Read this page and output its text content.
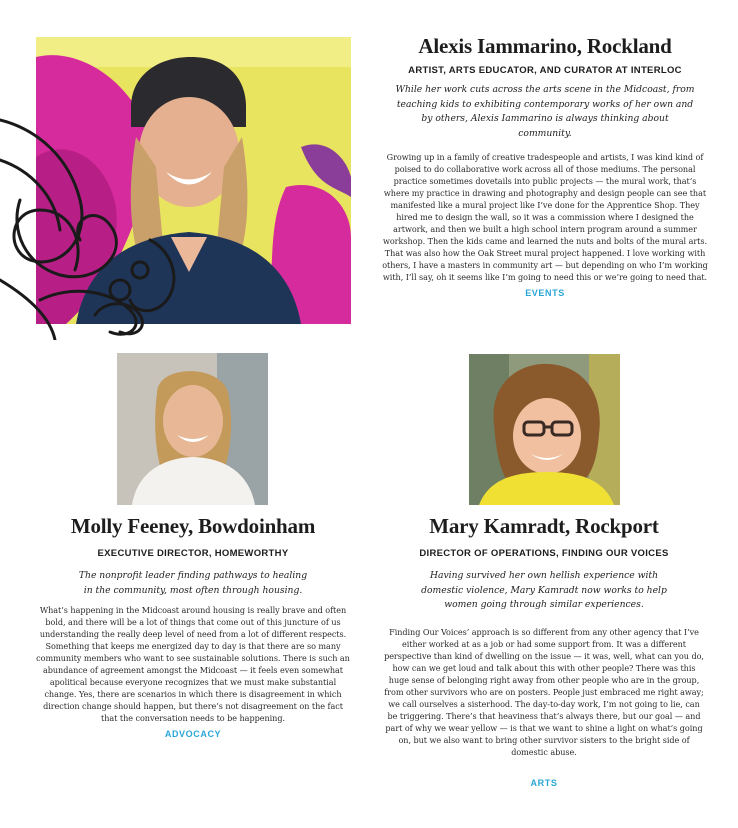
Alexis Iammarino, Rockland

ARTIST, ARTS EDUCATOR, AND CURATOR AT INTERLOC

While her work cuts across the arts scene in the Midcoast, from teaching kids to exhibiting contemporary works of her own and by others, Alexis Iammarino is always thinking about community.

Growing up in a family of creative tradespeople and artists, I was kind kind of poised to do collaborative work across all of those mediums. The personal practice sometimes dovetails into public projects — the mural work, that’s where my practice in drawing and photography and design people can see that manifested like a mural project like I’ve done for the Apprentice Shop. They hired me to design the wall, so it was a commission where I designed the artwork, and then we built a high school intern program around a summer workshop. Then the kids came and learned the nuts and bolts of the mural arts. That was also how the Oak Street mural project happened. I love working with others, I have a masters in community art — but depending on who I’m working with, I’ll say, oh it seems like I’m going to need this or we’re going to need that.

EVENTS

Molly Feeney, Bowdoinham

EXECUTIVE DIRECTOR, HOMEWORTHY

The nonprofit leader finding pathways to healing in the community, most often through housing.

What’s happening in the Midcoast around housing is really brave and often bold, and there will be a lot of things that come out of this juncture of us understanding the really deep level of need from a lot of different respects. Something that keeps me energized day to day is that there are so many community members who want to see sustainable solutions. There is such an abundance of agreement amongst the Midcoast — it feels even somewhat apolitical because everyone recognizes that we must make substantial change. Yes, there are scenarios in which there is disagreement in which direction change should happen, but there’s not disagreement on the fact that the conversation needs to be happening.

ADVOCACY

Mary Kamradt, Rockport

DIRECTOR OF OPERATIONS, FINDING OUR VOICES

Having survived her own hellish experience with domestic violence, Mary Kamradt now works to help women going through similar experiences.

Finding Our Voices’ approach is so different from any other agency that I’ve either worked at as a job or had some support from. It was a different perspective than kind of dwelling on the issue — it was, well, what can you do, how can we get loud and talk about this with other people? There was this huge sense of belonging right away from other people who are in the group, from other survivors who are on posters. People just embraced me right away; we call ourselves a sisterhood. The day-to-day work, I’m not going to lie, can be triggering. There’s that heaviness that’s always there, but our goal — and part of why we wear yellow — is that we want to shine a light on what’s going on, but we also want to bring other survivor sisters to the bright side of domestic abuse.

ARTS
